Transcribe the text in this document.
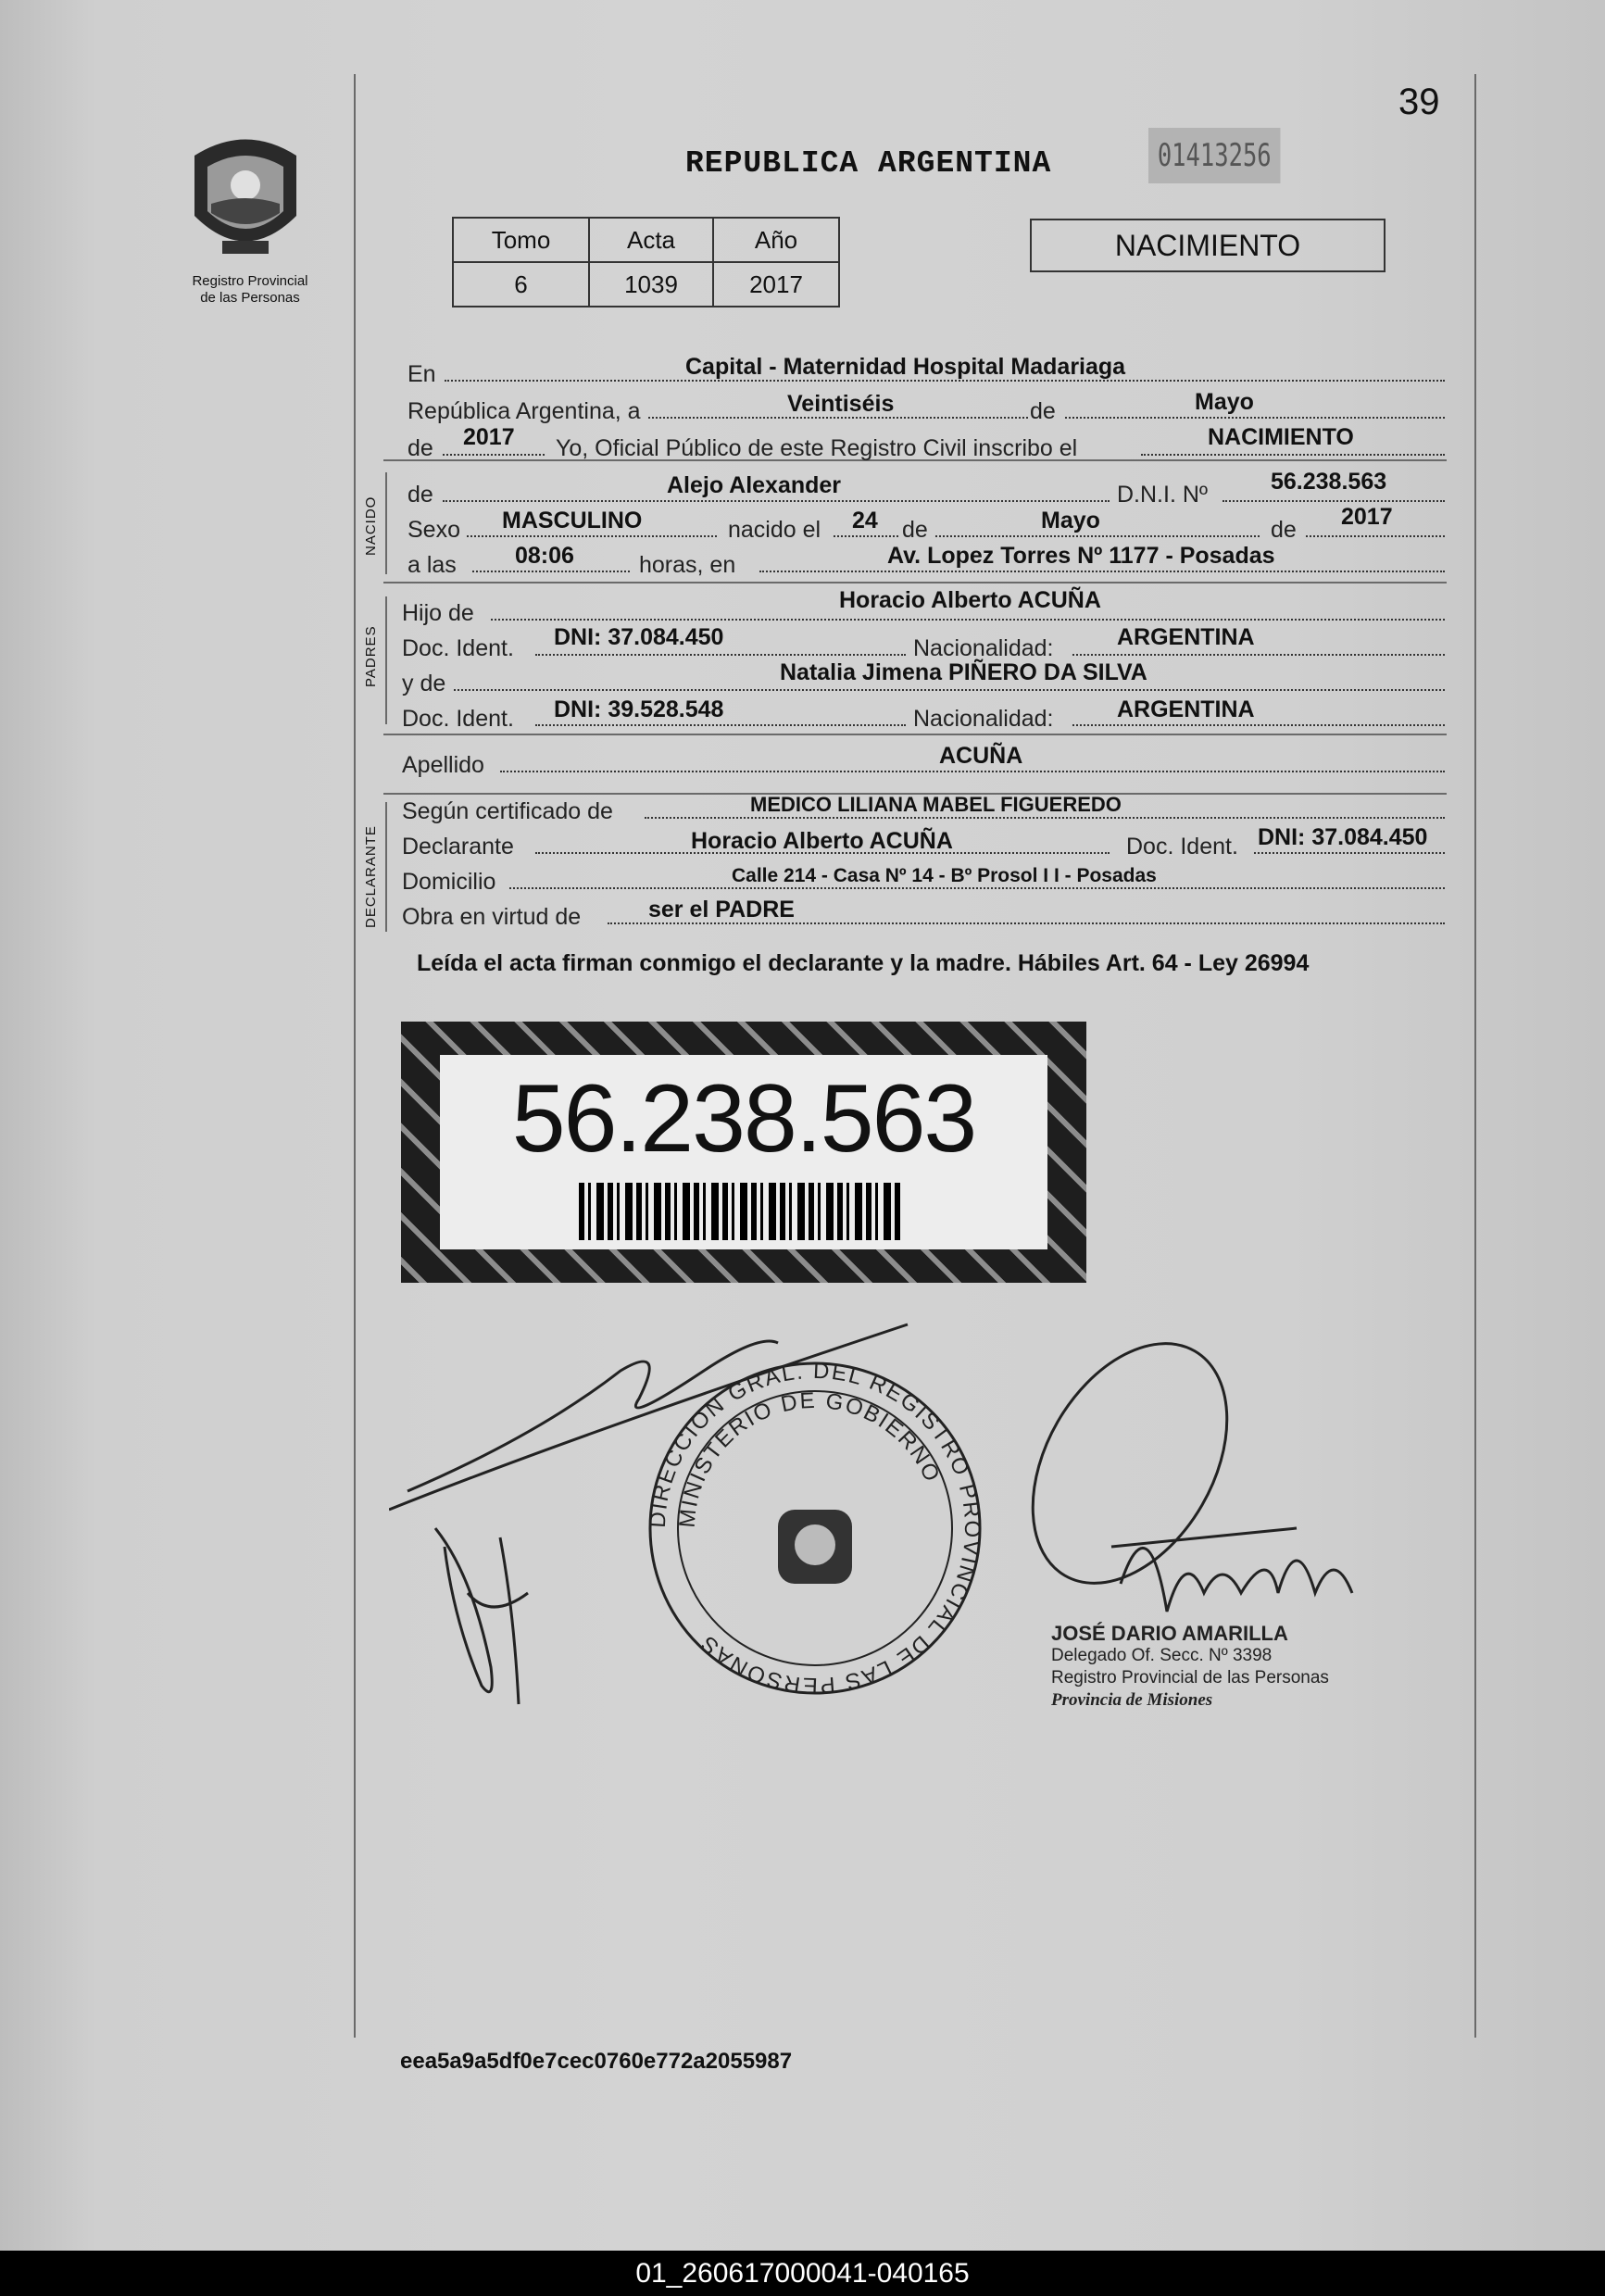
39
Registro Provincial
de las Personas
REPUBLICA ARGENTINA	01413256
Tomo	Acta	Año
6	1039	2017
NACIMIENTO
NACIDO
PADRES
DECLARANTE
En	Capital - Maternidad Hospital Madariaga
República Argentina, a	Veintiséis	de	Mayo
de 2017 Yo, Oficial Público de este Registro Civil inscribo el	NACIMIENTO
de	Alejo Alexander	D.N.I. Nº	56.238.563
Sexo MASCULINO	nacido el 24 de	Mayo	de 2017
a las	08:06	horas, en	Av. Lopez Torres Nº 1177 - Posadas
Hijo de	Horacio Alberto ACUÑA
Doc. Ident. DNI: 37.084.450	Nacionalidad:	ARGENTINA
y de	Natalia Jimena PIÑERO DA SILVA
Doc. Ident. DNI: 39.528.548	Nacionalidad:	ARGENTINA
Apellido	ACUÑA
Según certificado de	MEDICO LILIANA MABEL FIGUEREDO
Declarante	Horacio Alberto ACUÑA	Doc. Ident. DNI: 37.084.450
Domicilio	Calle 214 - Casa Nº 14 - Bº Prosol I I - Posadas
Obra en virtud de	ser el PADRE
Leída el acta firman conmigo el declarante y la madre. Hábiles Art. 64 - Ley 26994
56.238.563
DIRECCION GRAL. DEL REGISTRO PROVINCIAL DE LAS PERSONAS
MINISTERIO DE GOBIERNO
JOSÉ DARIO AMARILLA
Delegado Of. Secc. Nº 3398
Registro Provincial de las Personas
Provincia de Misiones
eea5a9a5df0e7cec0760e772a2055987
01_260617000041-040165
